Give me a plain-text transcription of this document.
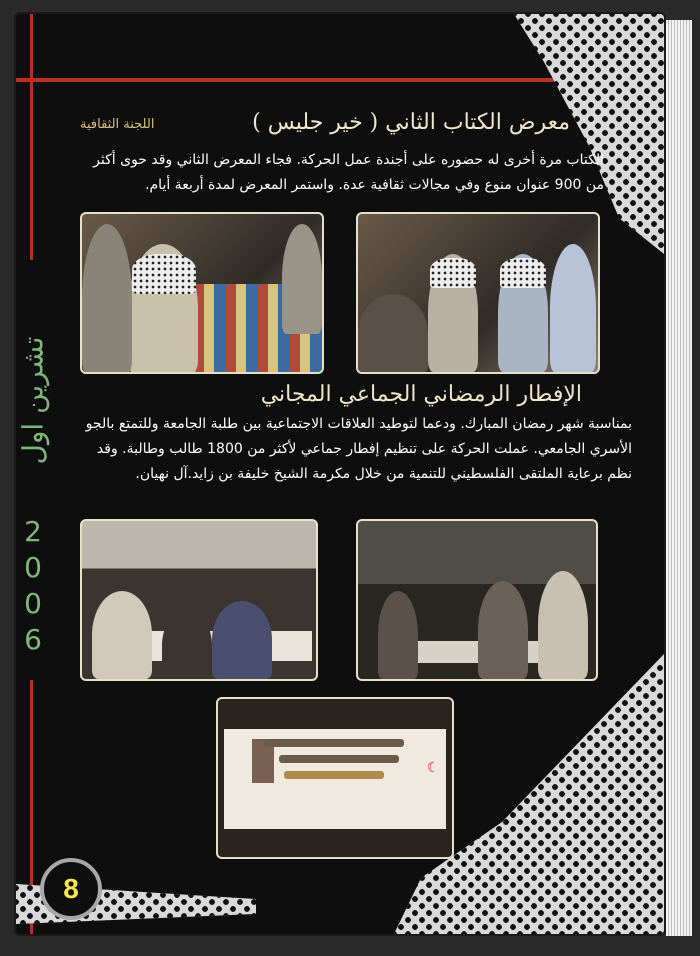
تشرين اول
2
0
0
6
اللجنة الثقافية	معرض الكتاب الثاني ( خير جليس )
الكتاب مرة أخرى له حضوره على أجندة عمل الحركة. فجاء المعرض الثاني وقد حوى أكثر من 900 عنوان منوع وفي مجالات ثقافية عدة. واستمر المعرض لمدة أربعة أيام.
الإفطار الرمضاني الجماعي المجاني
بمناسبة شهر رمضان المبارك. ودعما لتوطيد العلاقات الاجتماعية بين طلبة الجامعة وللتمتع بالجو الأسري الجامعي. عملت الحركة على تنظيم إفطار جماعي لأكثر من 1800 طالب وطالبة. وقد نظم برعاية الملتقى الفلسطيني للتنمية من خلال مكرمة الشيخ خليفة بن زايد.آل نهيان.
☾
8
